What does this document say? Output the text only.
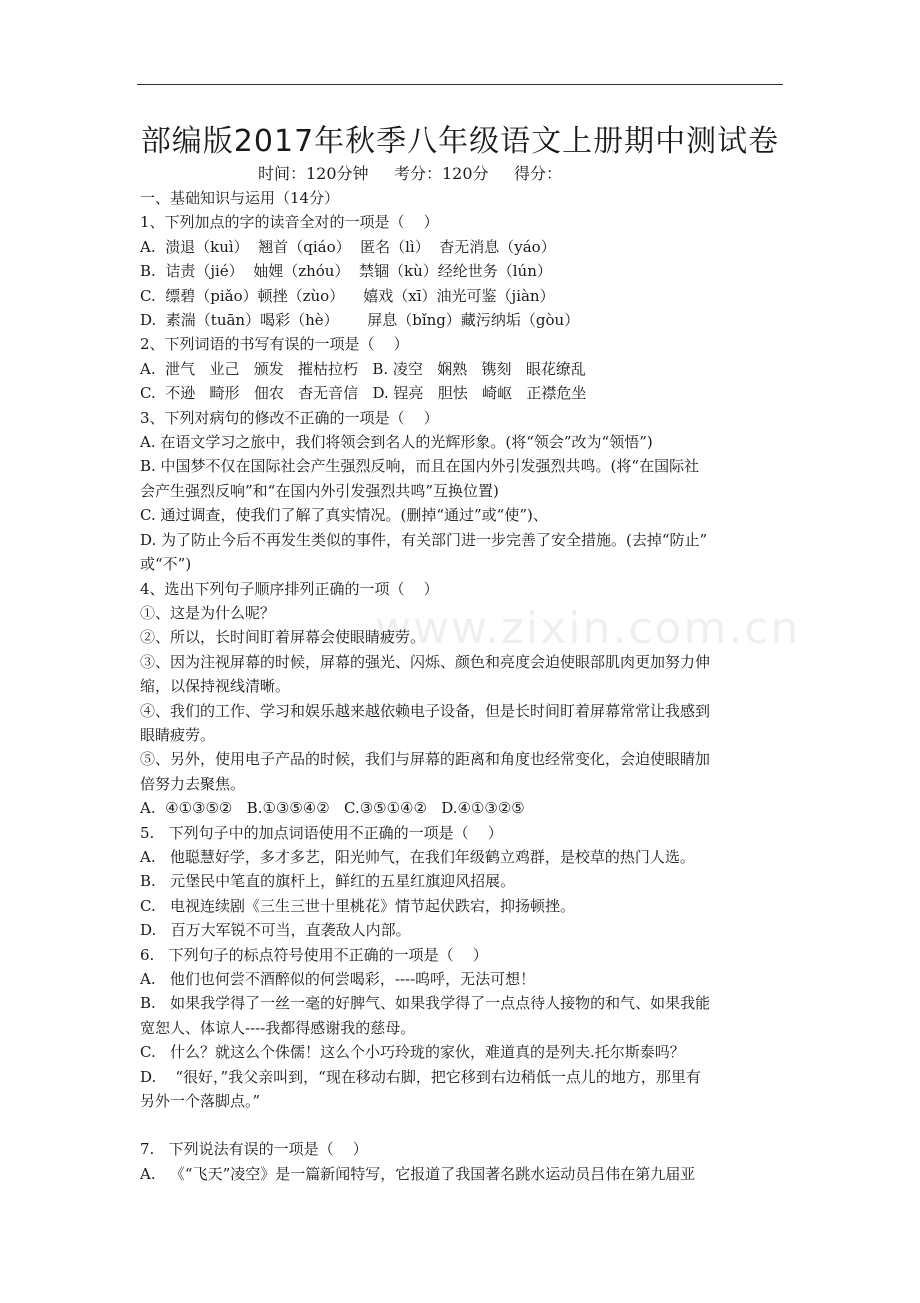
部编版2017年秋季八年级语文上册期中测试卷
时间：120分钟     考分：120分     得分：
www.zixin.com.cn

一、基础知识与运用（14分）

1、下列加点的字的读音全对的一项是（    ）

A.  溃退（kuì）  翘首（qiáo）  匿名（lì）  杳无消息（yáo）

B.  诘责（jié）  妯娌（zhóu）  禁锢（kù）经纶世务（lún）

C.  缥碧（piǎo）顿挫（zùo）    嬉戏（xī）油光可鉴（jiàn）

D.  素湍（tuān）喝彩（hè）      屏息（bǐng）藏污纳垢（gòu）

2、下列词语的书写有误的一项是（    ）

A.  泄气   业己   颁发   摧枯拉朽   B. 凌空   娴熟   镌刻   眼花缭乱

C.  不逊   畸形   佃农   杳无音信   D. 锃亮   胆怯   崎岖   正襟危坐

3、下列对病句的修改不正确的一项是（    ）

A. 在语文学习之旅中，我们将领会到名人的光辉形象。(将“领会”改为“领悟”)

B. 中国梦不仅在国际社会产生强烈反响，而且在国内外引发强烈共鸣。(将“在国际社

会产生强烈反响”和“在国内外引发强烈共鸣”互换位置)

C. 通过调查，使我们了解了真实情况。(删掉“通过”或“使”)、

D. 为了防止今后不再发生类似的事件，有关部门进一步完善了安全措施。(去掉“防止”

或“不”)

4、选出下列句子顺序排列正确的一项（    ）

①、这是为什么呢？

②、所以，长时间盯着屏幕会使眼睛疲劳。

③、因为注视屏幕的时候，屏幕的强光、闪烁、颜色和亮度会迫使眼部肌肉更加努力伸

缩，以保持视线清晰。

④、我们的工作、学习和娱乐越来越依赖电子设备，但是长时间盯着屏幕常常让我感到

眼睛疲劳。

⑤、另外，使用电子产品的时候，我们与屏幕的距离和角度也经常变化，会迫使眼睛加

倍努力去聚焦。

A.  ④①③⑤②   B.①③⑤④②   C.③⑤①④②   D.④①③②⑤

5.   下列句子中的加点词语使用不正确的一项是（    ）

A.   他聪慧好学，多才多艺，阳光帅气，在我们年级鹤立鸡群，是校草的热门人选。

B.   元堡民中笔直的旗杆上，鲜红的五星红旗迎风招展。

C.   电视连续剧《三生三世十里桃花》情节起伏跌宕，抑扬顿挫。

D.   百万大军锐不可当，直袭敌人内部。

6.   下列句子的标点符号使用不正确的一项是（    ）

A.   他们也何尝不酒醉似的何尝喝彩，----呜呼，无法可想！

B.   如果我学得了一丝一毫的好脾气、如果我学得了一点点待人接物的和气、如果我能

宽恕人、体谅人----我都得感谢我的慈母。

C.   什么？就这么个侏儒！这么个小巧玲珑的家伙，难道真的是列夫.托尔斯泰吗？

D.    “很好，”我父亲叫到，“现在移动右脚，把它移到右边稍低一点儿的地方，那里有

另外一个落脚点。”

7.   下列说法有误的一项是（    ）

A.   《“飞天”凌空》是一篇新闻特写，它报道了我国著名跳水运动员吕伟在第九届亚
